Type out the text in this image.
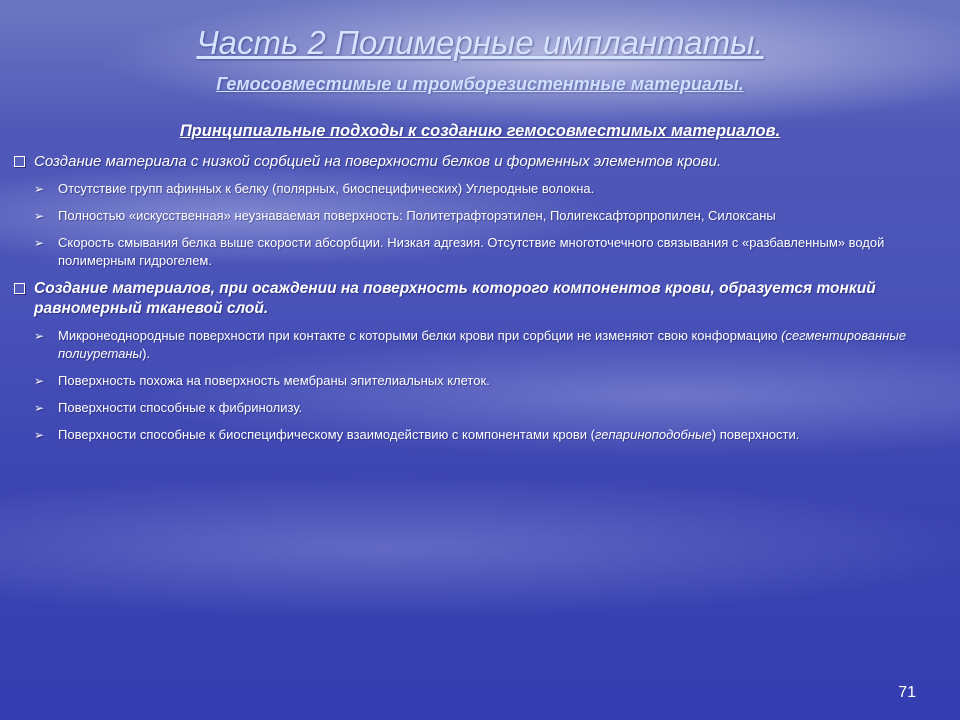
Часть 2 Полимерные имплантаты.
Гемосовместимые и тромборезистентные материалы.
Принципиальные подходы к созданию гемосовместимых материалов.
Создание материала с низкой сорбцией на поверхности белков и форменных элементов крови.
➢ Отсутствие групп афинных к белку (полярных, биоспецифических) Углеродные волокна.
➢ Полностью «искусственная» неузнаваемая поверхность: Политетрафторэтилен, Полигексафторпропилен, Силоксаны
➢ Скорость смывания белка выше скорости абсорбции. Низкая адгезия. Отсутствие многоточечного связывания с «разбавленным» водой полимерным гидрогелем.
Создание материалов, при осаждении на поверхность которого компонентов крови, образуется тонкий равномерный тканевой слой.
➢ Микронеоднородные поверхности при контакте с которыми белки крови при сорбции не изменяют свою конформацию (сегментированные полиуретаны).
➢ Поверхность похожа на поверхность мембраны эпителиальных клеток.
➢ Поверхности способные к фибринолизу.
➢ Поверхности способные к биоспецифическому взаимодействию с компонентами крови (гепаринoподобные) поверхности.
71
